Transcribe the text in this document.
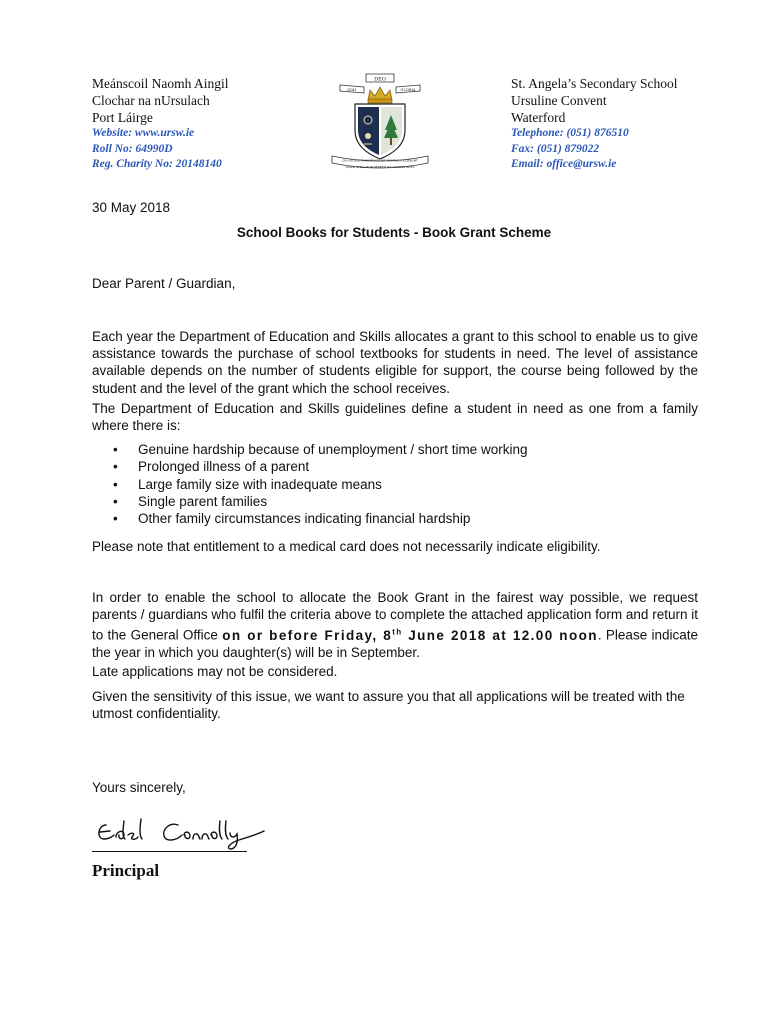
Meánscoil Naomh Aingil
Clochar na nUrsulach
Port Láirge
Website: www.ursw.ie
Roll No: 64990D
Reg. Charity No: 20148140
DEO
SOLI	GLORIA
QUI AD JUSTITIAM ERUDIUNT MULTOS FULGEBUNT
QUASI STELLAE IN PERPETUAS AETERNITATES
St. Angela’s Secondary School
Ursuline Convent
Waterford
Telephone: (051) 876510
Fax: (051) 879022
Email: office@ursw.ie
30 May 2018
School Books for Students - Book Grant Scheme
Dear Parent / Guardian,
Each year the Department of Education and Skills allocates a grant to this school to enable us to give assistance towards the purchase of school textbooks for students in need. The level of assistance available depends on the number of students eligible for support, the course being followed by the student and the level of the grant which the school receives.
The Department of Education and Skills guidelines define a student in need as one from a family where there is:
• Genuine hardship because of unemployment / short time working
• Prolonged illness of a parent
• Large family size with inadequate means
• Single parent families
• Other family circumstances indicating financial hardship
Please note that entitlement to a medical card does not necessarily indicate eligibility.
In order to enable the school to allocate the Book Grant in the fairest way possible, we request parents / guardians who fulfil the criteria above to complete the attached application form and return it to the General Office on or before Friday, 8th June 2018 at 12.00 noon. Please indicate the year in which you daughter(s) will be in September.
Late applications may not be considered.
Given the sensitivity of this issue, we want to assure you that all applications will be treated with the utmost confidentiality.
Yours sincerely,
Principal
